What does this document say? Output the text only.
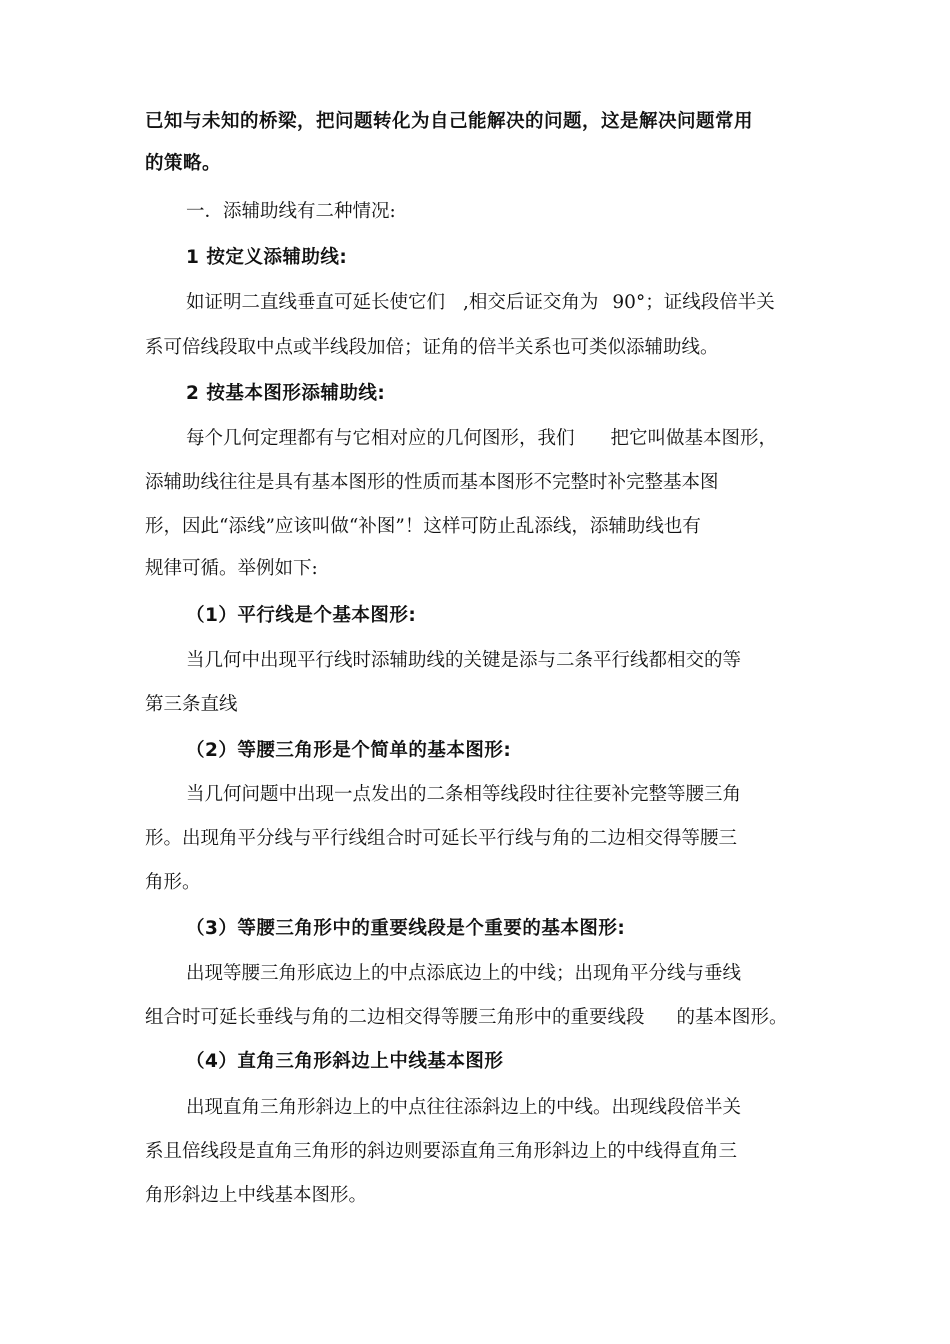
已知与未知的桥梁，把问题转化为自己能解决的问题，这是解决问题常用
的策略。
一．添辅助线有二种情况:
1 按定义添辅助线:
如证明二直线垂直可延长使它们 ,相交后证交角为 90°；证线段倍半关
系可倍线段取中点或半线段加倍；证角的倍半关系也可类似添辅助线。
2 按基本图形添辅助线:
每个几何定理都有与它相对应的几何图形，我们 把它叫做基本图形，
添辅助线往往是具有基本图形的性质而基本图形不完整时补完整基本图
形，因此“添线”应该叫做“补图”！这样可防止乱添线，添辅助线也有
规律可循。举例如下:
（1）平行线是个基本图形:
当几何中出现平行线时添辅助线的关键是添与二条平行线都相交的等
第三条直线
（2）等腰三角形是个简单的基本图形:
当几何问题中出现一点发出的二条相等线段时往往要补完整等腰三角
形。出现角平分线与平行线组合时可延长平行线与角的二边相交得等腰三
角形。
（3）等腰三角形中的重要线段是个重要的基本图形:
出现等腰三角形底边上的中点添底边上的中线；出现角平分线与垂线
组合时可延长垂线与角的二边相交得等腰三角形中的重要线段 的基本图形。
（4）直角三角形斜边上中线基本图形
出现直角三角形斜边上的中点往往添斜边上的中线。出现线段倍半关
系且倍线段是直角三角形的斜边则要添直角三角形斜边上的中线得直角三
角形斜边上中线基本图形。
